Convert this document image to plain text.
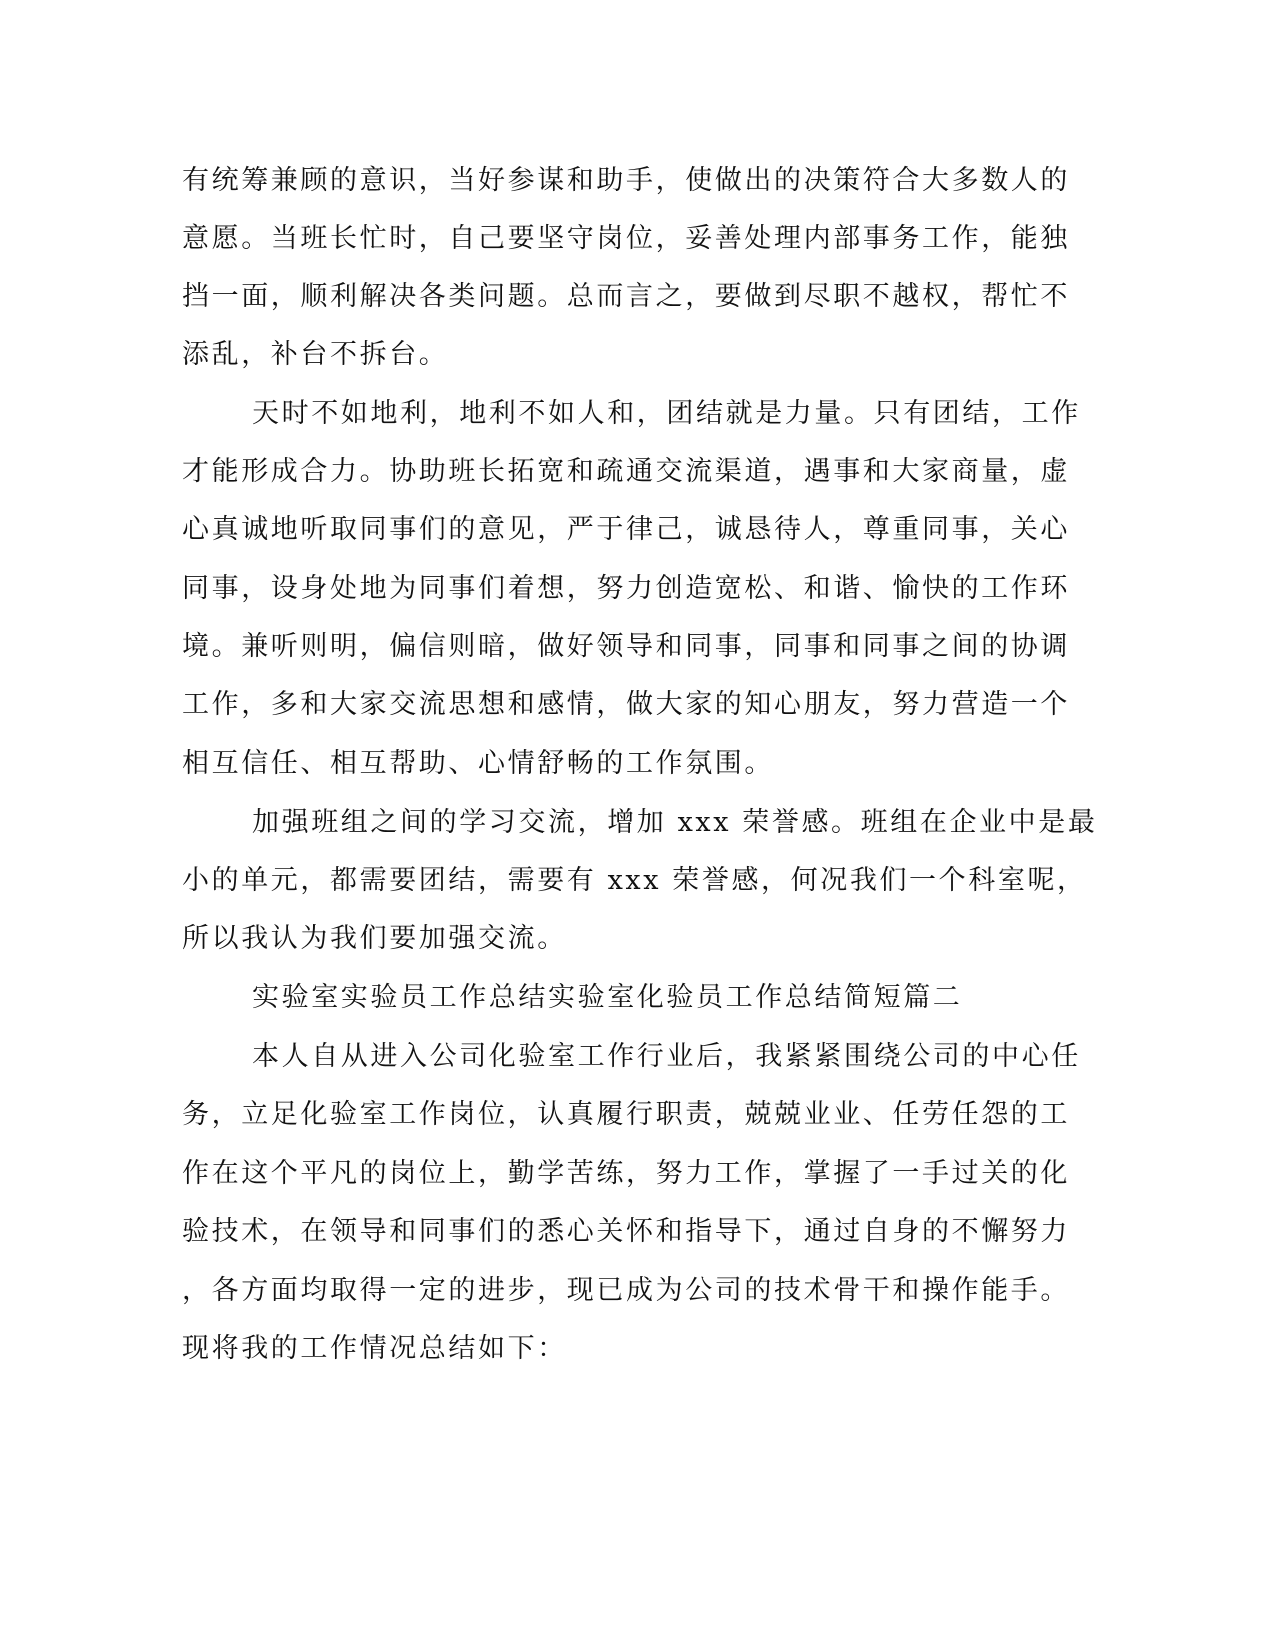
有统筹兼顾的意识，当好参谋和助手，使做出的决策符合大多数人的
意愿。当班长忙时，自己要坚守岗位，妥善处理内部事务工作，能独
挡一面，顺利解决各类问题。总而言之，要做到尽职不越权，帮忙不
添乱，补台不拆台。
天时不如地利，地利不如人和，团结就是力量。只有团结，工作
才能形成合力。协助班长拓宽和疏通交流渠道，遇事和大家商量，虚
心真诚地听取同事们的意见，严于律己，诚恳待人，尊重同事，关心
同事，设身处地为同事们着想，努力创造宽松、和谐、愉快的工作环
境。兼听则明，偏信则暗，做好领导和同事，同事和同事之间的协调
工作，多和大家交流思想和感情，做大家的知心朋友，努力营造一个
相互信任、相互帮助、心情舒畅的工作氛围。
加强班组之间的学习交流，增加 xxx 荣誉感。班组在企业中是最
小的单元，都需要团结，需要有 xxx 荣誉感，何况我们一个科室呢，
所以我认为我们要加强交流。
实验室实验员工作总结实验室化验员工作总结简短篇二
本人自从进入公司化验室工作行业后，我紧紧围绕公司的中心任
务，立足化验室工作岗位，认真履行职责，兢兢业业、任劳任怨的工
作在这个平凡的岗位上，勤学苦练，努力工作，掌握了一手过关的化
验技术，在领导和同事们的悉心关怀和指导下，通过自身的不懈努力
，各方面均取得一定的进步，现已成为公司的技术骨干和操作能手。
现将我的工作情况总结如下：
